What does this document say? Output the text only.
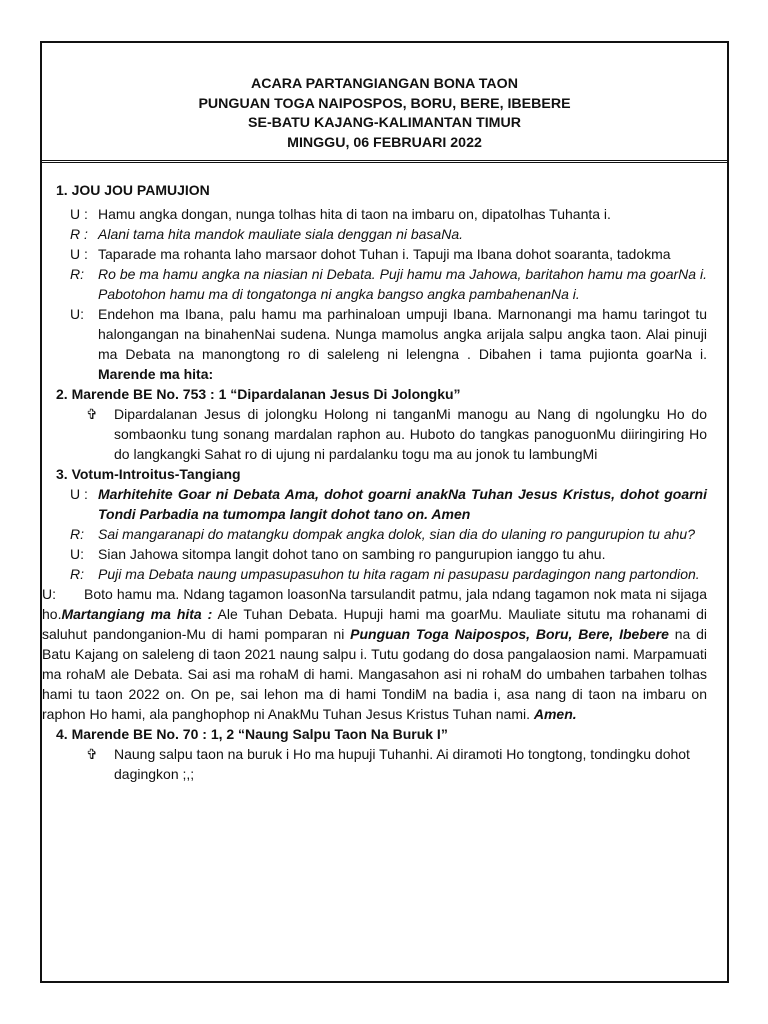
ACARA PARTANGIANGAN BONA TAON
PUNGUAN TOGA NAIPOSPOS, BORU, BERE, IBEBERE
SE-BATU KAJANG-KALIMANTAN TIMUR
MINGGU, 06 FEBRUARI 2022
1. JOU JOU PAMUJION
U : Hamu angka dongan, nunga tolhas hita di taon na imbaru on, dipatolhas Tuhanta i.
R : Alani tama hita mandok mauliate siala denggan ni basaNa.
U : Taparade ma rohanta laho marsaor dohot Tuhan i. Tapuji ma Ibana dohot soaranta, tadokma
R:	Ro be ma hamu angka na niasian ni Debata. Puji hamu ma Jahowa, baritahon hamu ma goarNa i. Pabotohon hamu ma di tongatonga ni angka bangso angka pambahenanNa i.
U:	Endehon ma Ibana, palu hamu ma parhinaloan umpuji Ibana. Marnonangi ma hamu taringot tu halongangan na binahenNai sudena. Nunga mamolus angka arijala salpu angka taon. Alai pinuji ma Debata na manongtong ro di saleleng ni lelengna . Dibahen i tama pujionta goarNa i. Marende ma hita:
2. Marende BE No. 753 : 1 “Dipardalanan Jesus Di Jolongku”
✞	Dipardalanan Jesus di jolongku Holong ni tanganMi manogu au Nang di ngolungku Ho do sombaonku tung sonang mardalan raphon au. Huboto do tangkas panoguonMu diiringiring Ho do langkangki Sahat ro di ujung ni pardalanku togu ma au jonok tu lambungMi
3. Votum-Introitus-Tangiang
U : Marhitehite Goar ni Debata Ama, dohot goarni anakNa Tuhan Jesus Kristus, dohot goarni Tondi Parbadia na tumompa langit dohot tano on. Amen
R:	Sai mangaranapi do matangku dompak angka dolok, sian dia do ulaning ro pangurupion tu ahu?
U:	Sian Jahowa sitompa langit dohot tano on sambing ro pangurupion ianggo tu ahu.
R:	Puji ma Debata naung umpasupasuhon tu hita ragam ni pasupasu pardagingon nang partondion.
U: Boto hamu ma. Ndang tagamon loasonNa tarsulandit patmu, jala ndang tagamon nok mata ni sijaga ho.Martangiang ma hita : Ale Tuhan Debata. Hupuji hami ma goarMu. Mauliate situtu ma rohanami di saluhut pandonganion-Mu di hami pomparan ni Punguan Toga Naipospos, Boru, Bere, Ibebere na di Batu Kajang on saleleng di taon 2021 naung salpu i. Tutu godang do dosa pangalaosion nami. Marpamuati ma rohaM ale Debata. Sai asi ma rohaM di hami. Mangasahon asi ni rohaM do umbahen tarbahen tolhas hami tu taon 2022 on. On pe, sai lehon ma di hami TondiM na badia i, asa nang di taon na imbaru on raphon Ho hami, ala panghophop ni AnakMu Tuhan Jesus Kristus Tuhan nami. Amen.
4. Marende BE No. 70 : 1, 2 “Naung Salpu Taon Na Buruk I”
✞	Naung salpu taon na buruk i Ho ma hupuji Tuhanhi. Ai diramoti Ho tongtong, tondingku dohot dagingkon ;,;
